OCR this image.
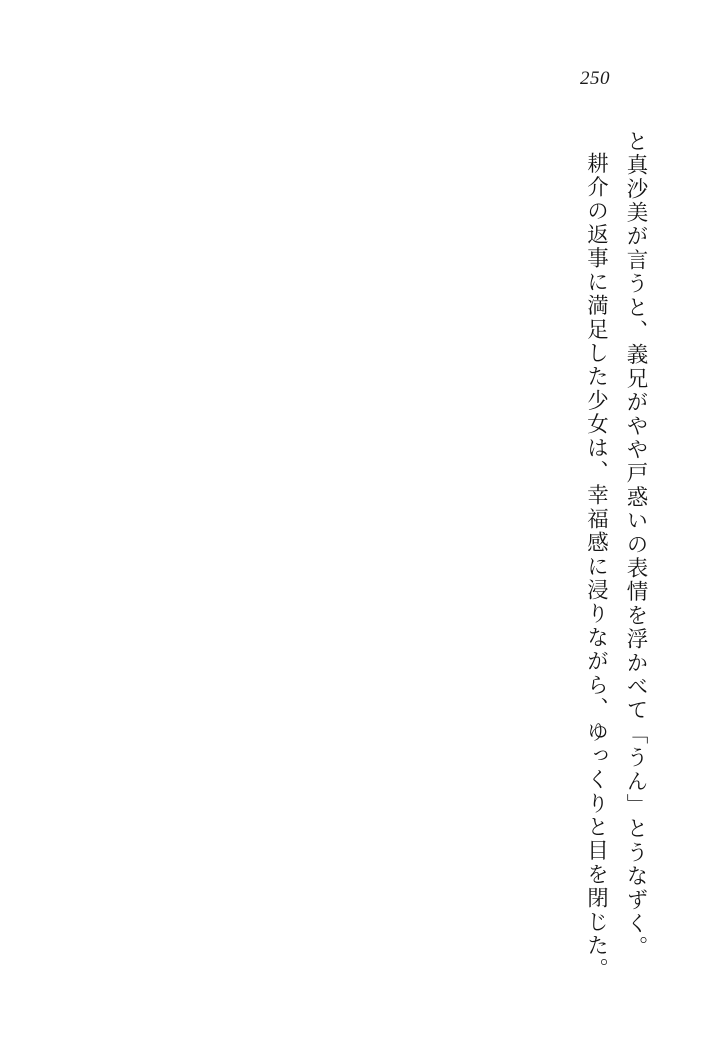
250
耕介の返事に満足した少女は、幸福感に浸りながら、ゆっくりと目を閉じた。 と真沙美が言うと、義兄がやや戸惑いの表情を浮かべて「うん」とうなずく。
